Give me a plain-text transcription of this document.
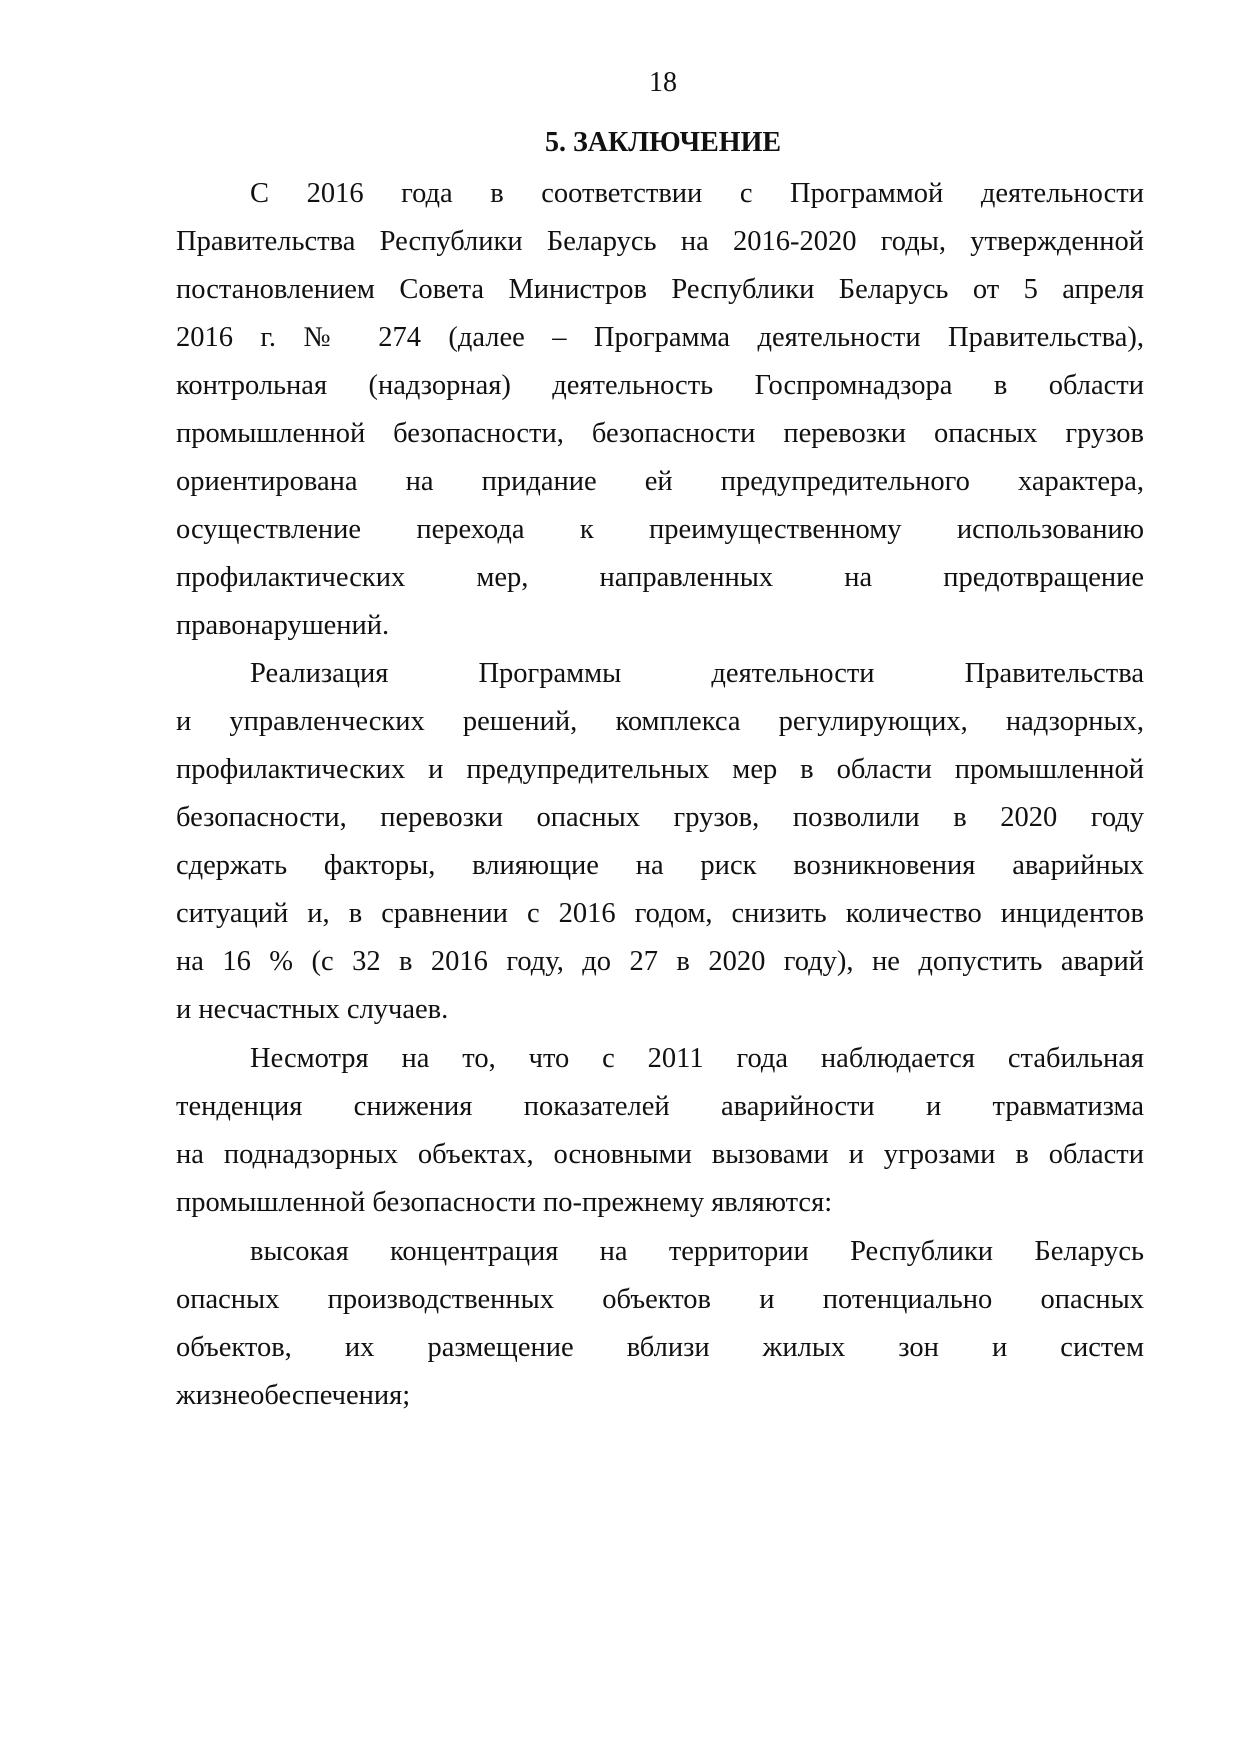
18
5. ЗАКЛЮЧЕНИЕ
С 2016 года в соответствии с Программой деятельности
Правительства Республики Беларусь на 2016-2020 годы, утвержденной
постановлением Совета Министров Республики Беларусь от 5 апреля
2016 г. № 274 (далее – Программа деятельности Правительства),
контрольная (надзорная) деятельность Госпромнадзора в области
промышленной безопасности, безопасности перевозки опасных грузов
ориентирована на придание ей предупредительного характера,
осуществление перехода к преимущественному использованию
профилактических мер, направленных на предотвращение
правонарушений.
Реализация Программы деятельности Правительства
и управленческих решений, комплекса регулирующих, надзорных,
профилактических и предупредительных мер в области промышленной
безопасности, перевозки опасных грузов, позволили в 2020 году
сдержать факторы, влияющие на риск возникновения аварийных
ситуаций и, в сравнении с 2016 годом, снизить количество инцидентов
на 16 % (с 32 в 2016 году, до 27 в 2020 году), не допустить аварий
и несчастных случаев.
Несмотря на то, что с 2011 года наблюдается стабильная
тенденция снижения показателей аварийности и травматизма
на поднадзорных объектах, основными вызовами и угрозами в области
промышленной безопасности по-прежнему являются:
высокая концентрация на территории Республики Беларусь
опасных производственных объектов и потенциально опасных
объектов, их размещение вблизи жилых зон и систем
жизнеобеспечения;
